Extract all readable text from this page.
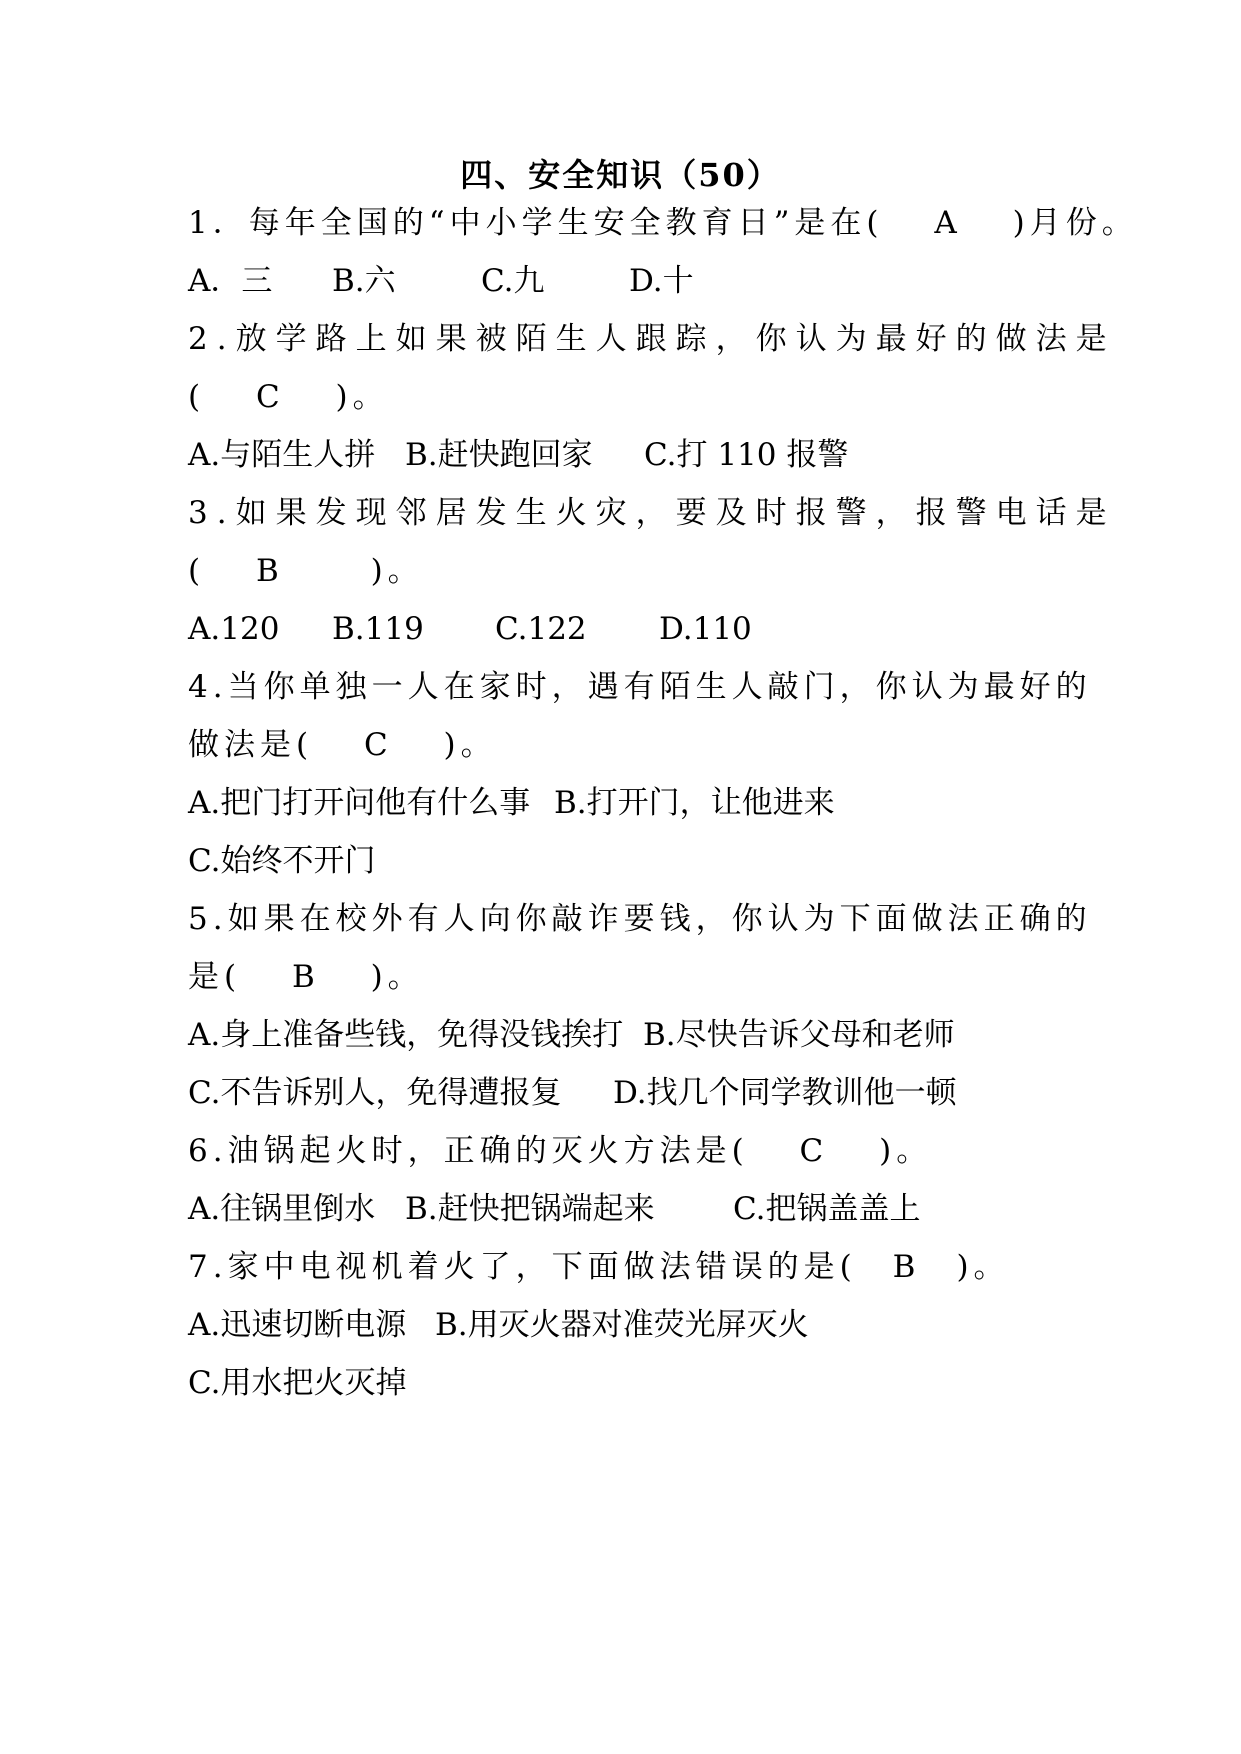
四、安全知识（50）
1．每年全国的“中小学生安全教育日”是在(　 A　 )月份。
A．三 B.六	C.九	D.十
2.放学路上如果被陌生人跟踪，你认为最好的做法是
(　 C　 )。
A.与陌生人拼 B.赶快跑回家 C.打 110 报警
3.如果发现邻居发生火灾，要及时报警，报警电话是
(　 B　　 )。
A.120 B.119 C.122 D.110
4.当你单独一人在家时，遇有陌生人敲门，你认为最好的
做法是(　 C　 )。
A.把门打开问他有什么事 B.打开门，让他进来
C.始终不开门
5.如果在校外有人向你敲诈要钱，你认为下面做法正确的
是(　 B　 )。
A.身上准备些钱，免得没钱挨打 B.尽快告诉父母和老师
C.不告诉别人，免得遭报复 D.找几个同学教训他一顿
6.油锅起火时，正确的灭火方法是(　 C　 )。
A.往锅里倒水 B.赶快把锅端起来	C.把锅盖盖上
7.家中电视机着火了，下面做法错误的是(　B　)。
A.迅速切断电源 B.用灭火器对准荧光屏灭火
C.用水把火灭掉
